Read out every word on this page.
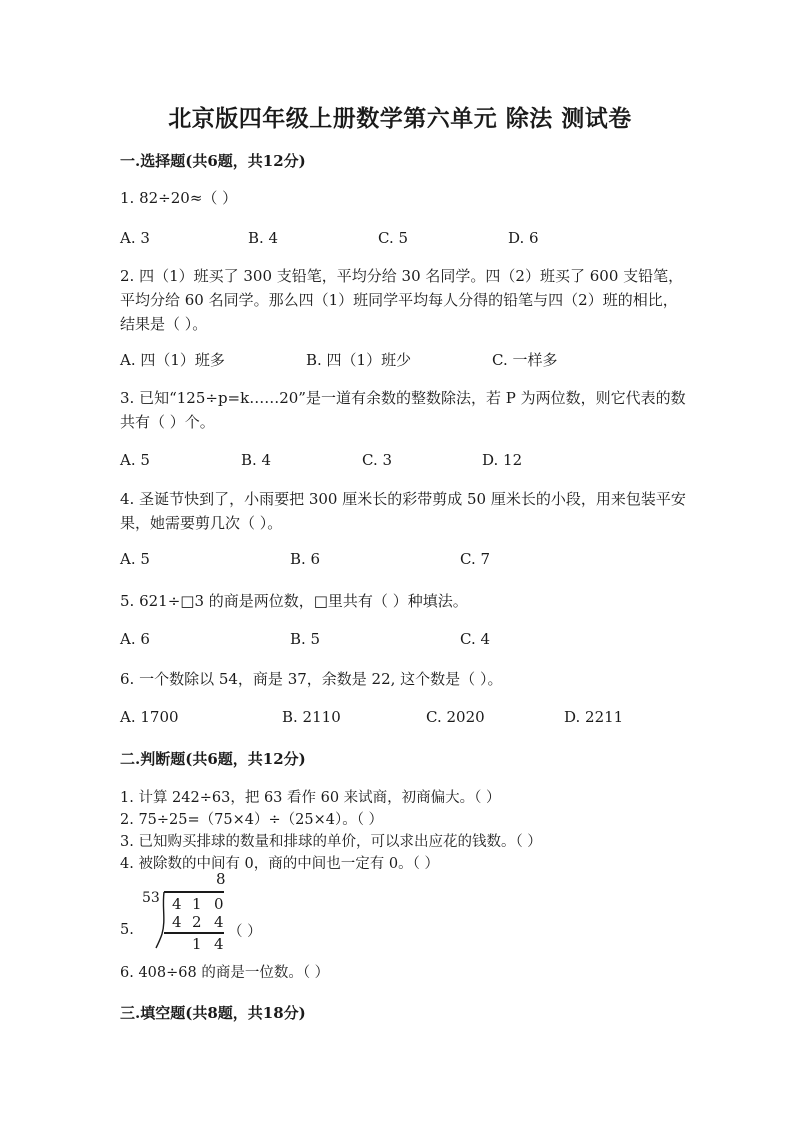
北京版四年级上册数学第六单元 除法 测试卷
一.选择题(共6题，共12分)
1. 82÷20≈（ ）
A. 3	B. 4	C. 5	D. 6
2. 四（1）班买了 300 支铅笔，平均分给 30 名同学。四（2）班买了 600 支铅笔，平均分给 60 名同学。那么四（1）班同学平均每人分得的铅笔与四（2）班的相比，结果是（ ）。
A. 四（1）班多	B. 四（1）班少	C. 一样多
3. 已知“125÷p=k……20”是一道有余数的整数除法，若 P 为两位数，则它代表的数共有（ ）个。
A. 5	B. 4	C. 3	D. 12
4. 圣诞节快到了，小雨要把 300 厘米长的彩带剪成 50 厘米长的小段，用来包装平安果，她需要剪几次（ ）。
A. 5	B. 6	C. 7
5. 621÷□3 的商是两位数，□里共有（ ）种填法。
A. 6	B. 5	C. 4
6. 一个数除以 54，商是 37，余数是 22, 这个数是（ ）。
A. 1700	B. 2110	C. 2020	D. 2211
二.判断题(共6题，共12分)
1. 计算 242÷63，把 63 看作 60 来试商，初商偏大。（ ）
2. 75÷25=（75×4）÷（25×4）。（ ）
3. 已知购买排球的数量和排球的单价，可以求出应花的钱数。（ ）
4. 被除数的中间有 0，商的中间也一定有 0。（ ）
8
53 4 1 0
4 2 4
1 4
5.	（ ）
6. 408÷68 的商是一位数。（ ）
三.填空题(共8题，共18分)
